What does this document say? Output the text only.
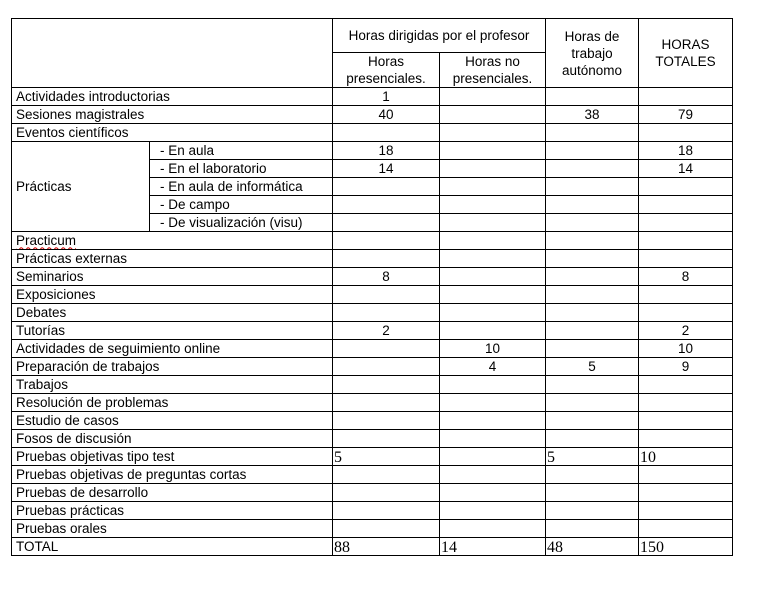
		Horas dirigidas por el profesor		Horas de trabajo autónomo	HORAS TOTALES
		Horas presenciales.	Horas no presenciales.		
Actividades introductorias		1			
Sesiones magistrales		40		38	79
Eventos científicos					
Prácticas	- En aula	18			18
	- En el laboratorio	14			14
	- En aula de informática				
	- De campo				
	- De visualización (visu)				
Practicum					
Prácticas externas					
Seminarios		8			8
Exposiciones					
Debates					
Tutorías		2			2
Actividades de seguimiento online			10		10
Preparación de trabajos			4	5	9
Trabajos					
Resolución de problemas					
Estudio de casos					
Fosos de discusión					
Pruebas objetivas tipo test		5		5	10
Pruebas objetivas de preguntas cortas					
Pruebas de desarrollo					
Pruebas prácticas					
Pruebas orales					
TOTAL		88	14	48	150
